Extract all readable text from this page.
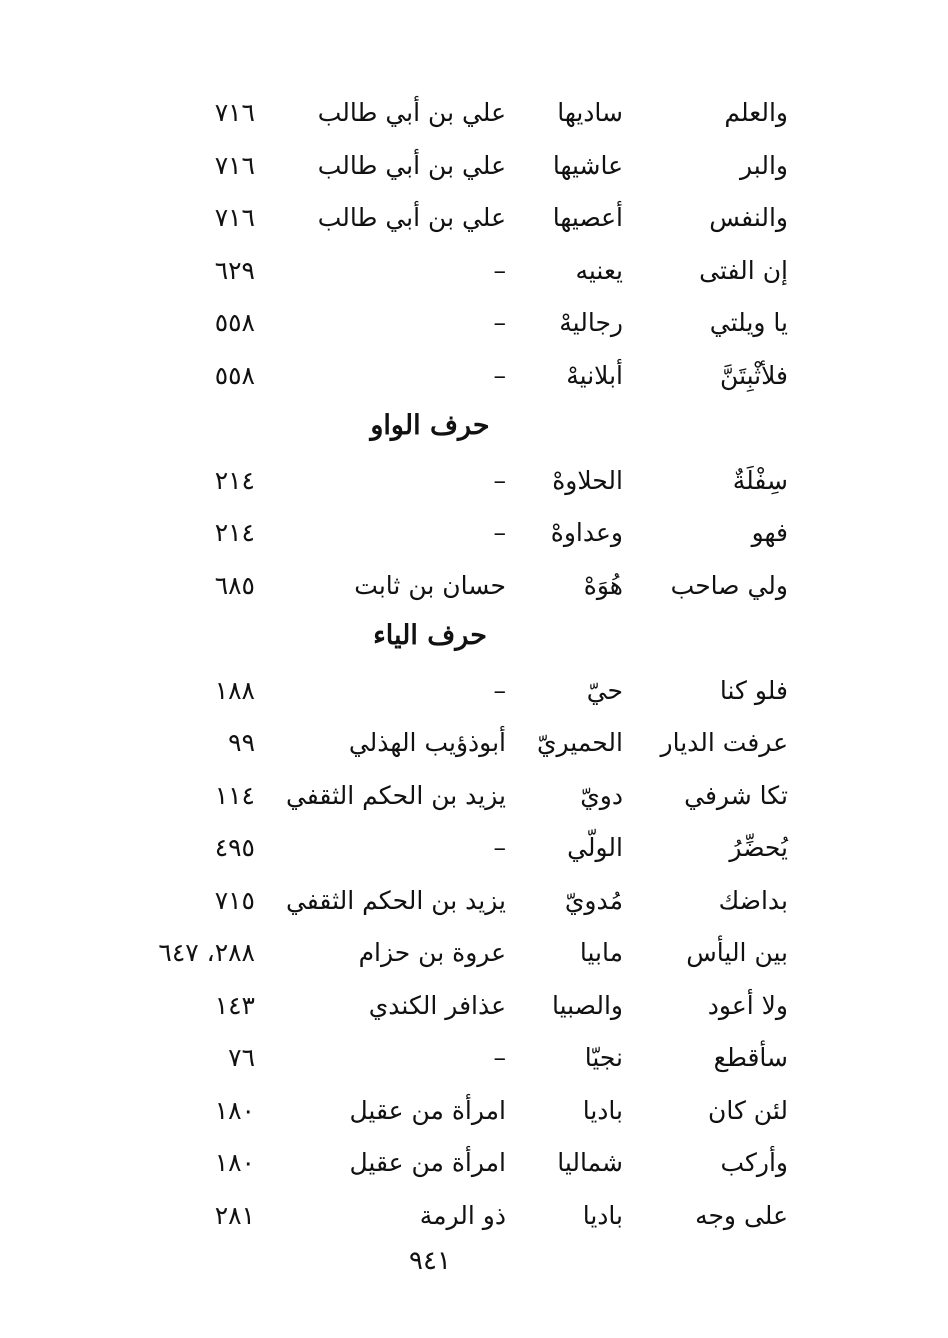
والعلم
ساديها
علي بن أبي طالب
٧١٦
والبر
عاشيها
علي بن أبي طالب
٧١٦
والنفس
أعصيها
علي بن أبي طالب
٧١٦
إن الفتى
يعنيه
–
٦٢٩
يا ويلتي
رجاليهْ
–
٥٥٨
فلأثْبِتَنَّ
أبلانيهْ
–
٥٥٨
حرف الواو
سِفْلَةٌ
الحلاوهْ
–
٢١٤
فهو
وعداوهْ
–
٢١٤
ولي صاحب
هُوَهْ
حسان بن ثابت
٦٨٥
حرف الياء
فلو كنا
حيّ
–
١٨٨
عرفت الديار
الحميريّ
أبوذؤيب الهذلي
٩٩
تكا شرفي
دويّ
يزيد بن الحكم الثقفي
١١٤
يُحضِّرُ
الولّي
–
٤٩٥
بداضك
مُدويّ
يزيد بن الحكم الثقفي
٧١٥
بين اليأس
مابيا
عروة بن حزام
٢٨٨، ٦٤٧
ولا أعود
والصبيا
عذافر الكندي
١٤٣
سأقطع
نجيّا
–
٧٦
لئن كان
باديا
امرأة من عقيل
١٨٠
وأركب
شماليا
امرأة من عقيل
١٨٠
على وجه
باديا
ذو الرمة
٢٨١
٩٤١
